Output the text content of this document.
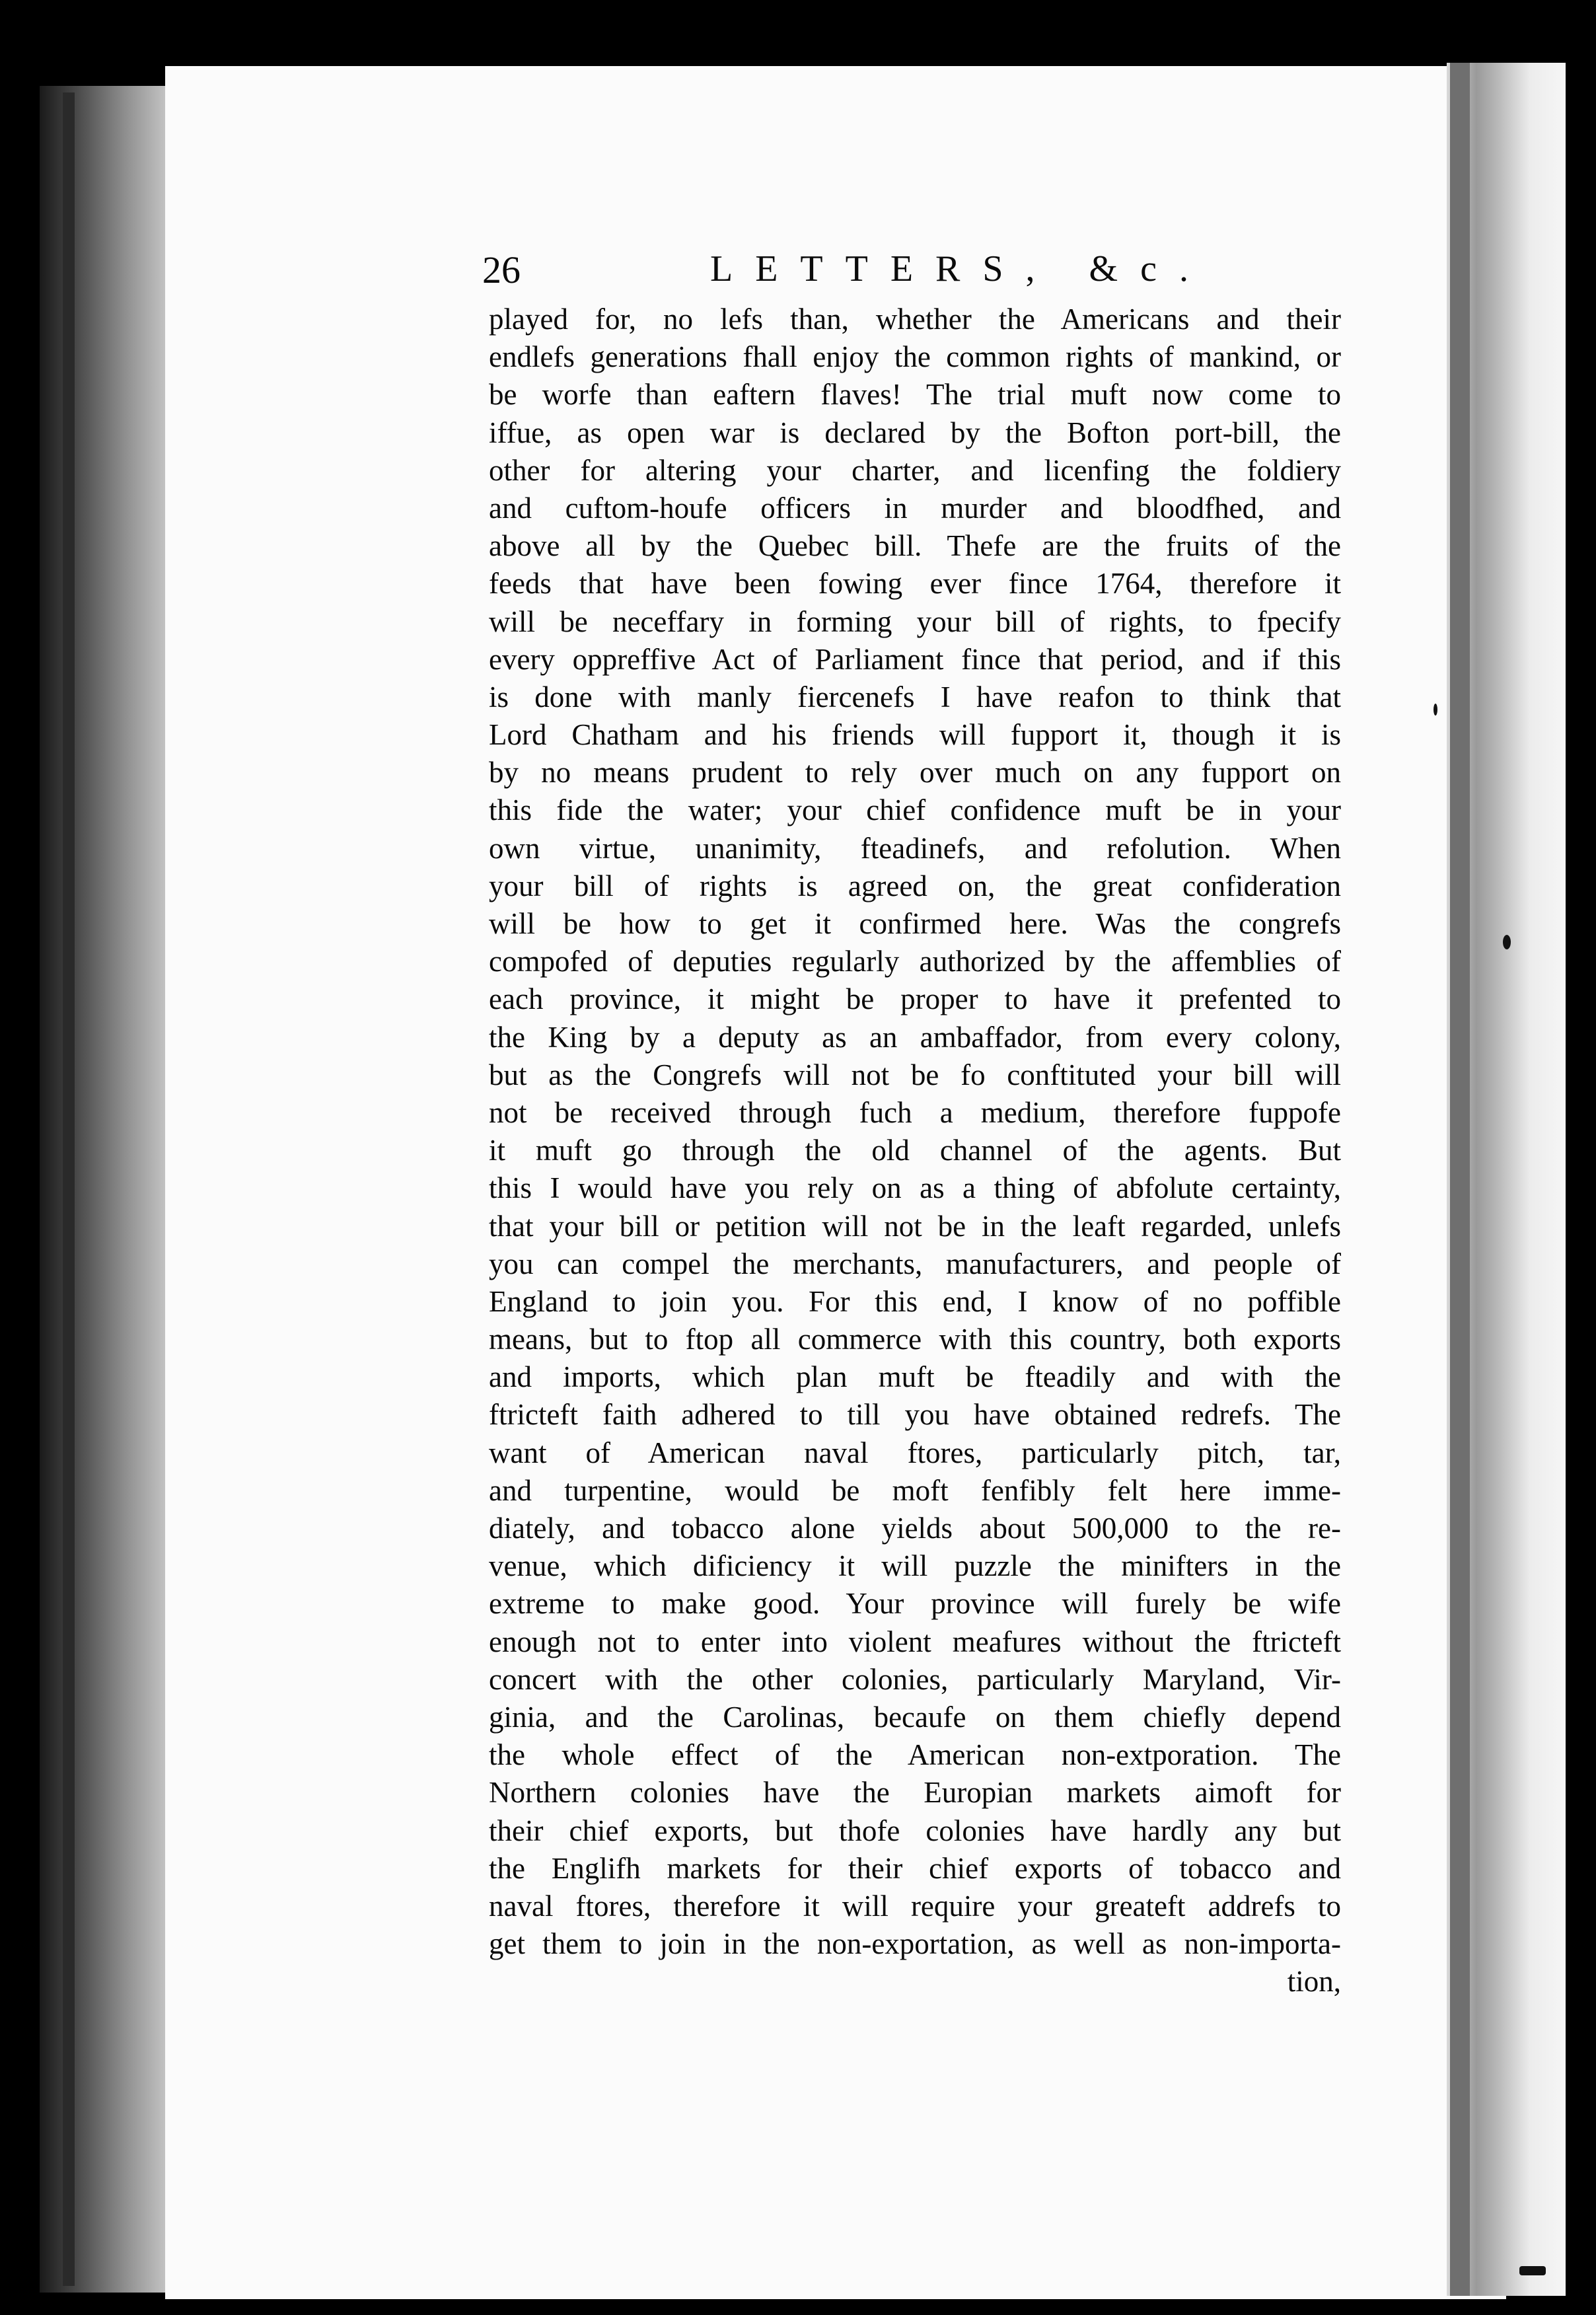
26	LETTERS, &c.
played for, no lefs than, whether the Americans and their
endlefs generations fhall enjoy the common rights of mankind, or
be worfe than eaftern flaves! The trial muft now come to
iffue, as open war is declared by the Bofton port-bill, the
other for altering your charter, and licenfing the foldiery
and cuftom-houfe officers in murder and bloodfhed, and
above all by the Quebec bill. Thefe are the fruits of the
feeds that have been fowing ever fince 1764, therefore it
will be neceffary in forming your bill of rights, to fpecify
every oppreffive Act of Parliament fince that period, and if this
is done with manly fiercenefs I have reafon to think that
Lord Chatham and his friends will fupport it, though it is
by no means prudent to rely over much on any fupport on
this fide the water; your chief confidence muft be in your
own virtue, unanimity, fteadinefs, and refolution. When
your bill of rights is agreed on, the great confideration
will be how to get it confirmed here. Was the congrefs
compofed of deputies regularly authorized by the affemblies of
each province, it might be proper to have it prefented to
the King by a deputy as an ambaffador, from every colony,
but as the Congrefs will not be fo conftituted your bill will
not be received through fuch a medium, therefore fuppofe
it muft go through the old channel of the agents. But
this I would have you rely on as a thing of abfolute certainty,
that your bill or petition will not be in the leaft regarded, unlefs
you can compel the merchants, manufacturers, and people of
England to join you. For this end, I know of no poffible
means, but to ftop all commerce with this country, both exports
and imports, which plan muft be fteadily and with the
ftricteft faith adhered to till you have obtained redrefs. The
want of American naval ftores, particularly pitch, tar,
and turpentine, would be moft fenfibly felt here imme-
diately, and tobacco alone yields about 500,000 to the re-
venue, which dificiency it will puzzle the minifters in the
extreme to make good. Your province will furely be wife
enough not to enter into violent meafures without the ftricteft
concert with the other colonies, particularly Maryland, Vir-
ginia, and the Carolinas, becaufe on them chiefly depend
the whole effect of the American non-extporation. The
Northern colonies have the Europian markets aimoft for
their chief exports, but thofe colonies have hardly any but
the Englifh markets for their chief exports of tobacco and
naval ftores, therefore it will require your greateft addrefs to
get them to join in the non-exportation, as well as non-importa-
tion,
